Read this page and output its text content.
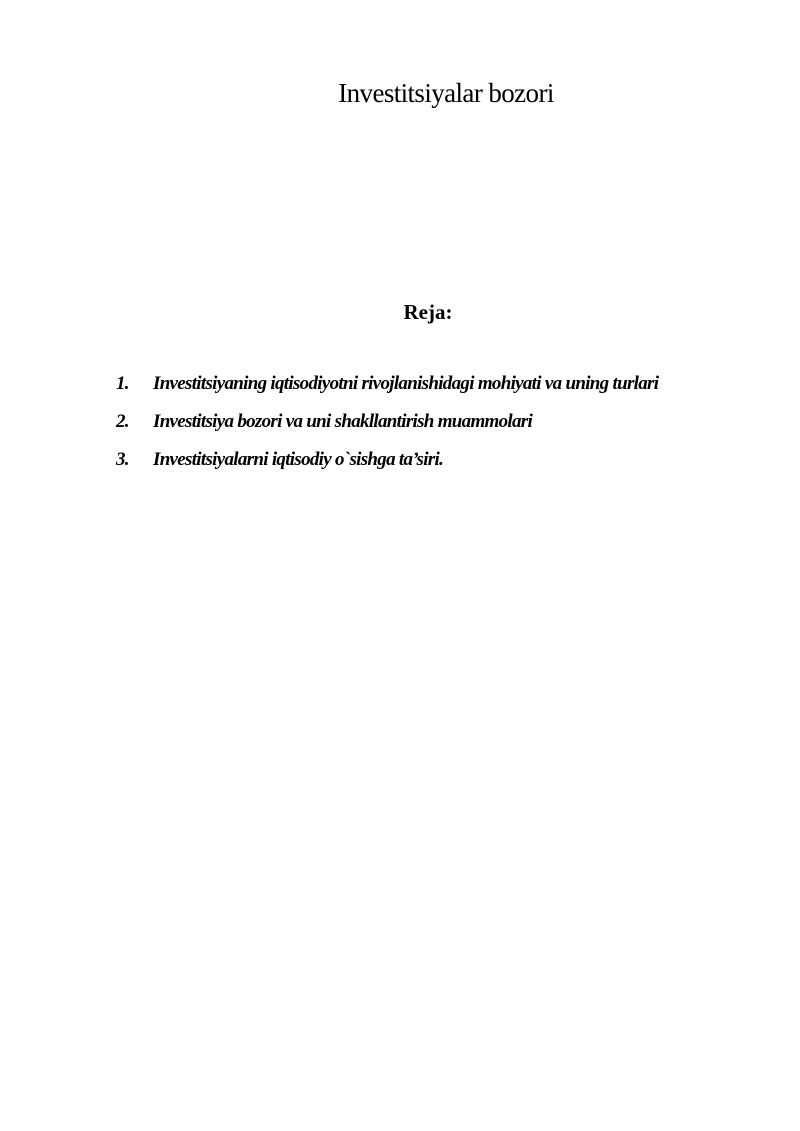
Investitsiyalar bozori
Reja:
1.	Investitsiyaning iqtisodiyotni rivojlanishidagi mohiyati va uning turlari
2.	Investitsiya bozori va uni shakllantirish muammolari
3.	Investitsiyalarni iqtisodiy o`sishga ta’siri.
